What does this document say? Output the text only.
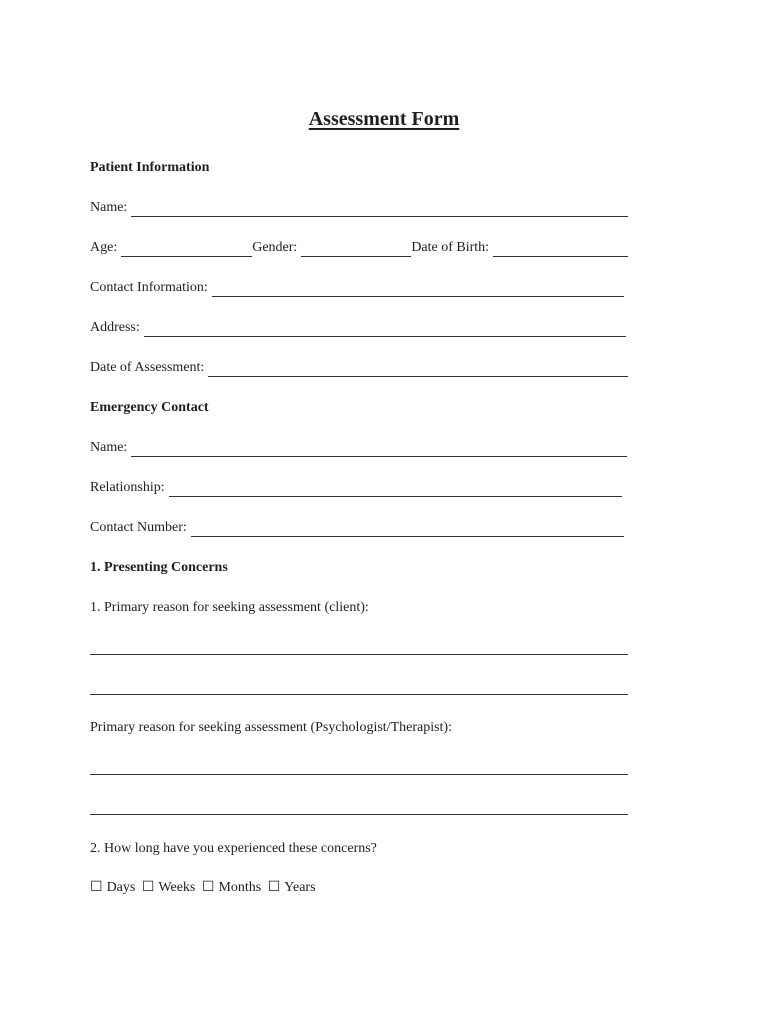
Assessment Form
Patient Information
Name:
Age:	Gender:	Date of Birth:
Contact Information:
Address:
Date of Assessment:
Emergency Contact
Name:
Relationship:
Contact Number:
1. Presenting Concerns
1. Primary reason for seeking assessment (client):
Primary reason for seeking assessment (Psychologist/Therapist):
2. How long have you experienced these concerns?
☐ Days ☐ Weeks ☐ Months ☐ Years
